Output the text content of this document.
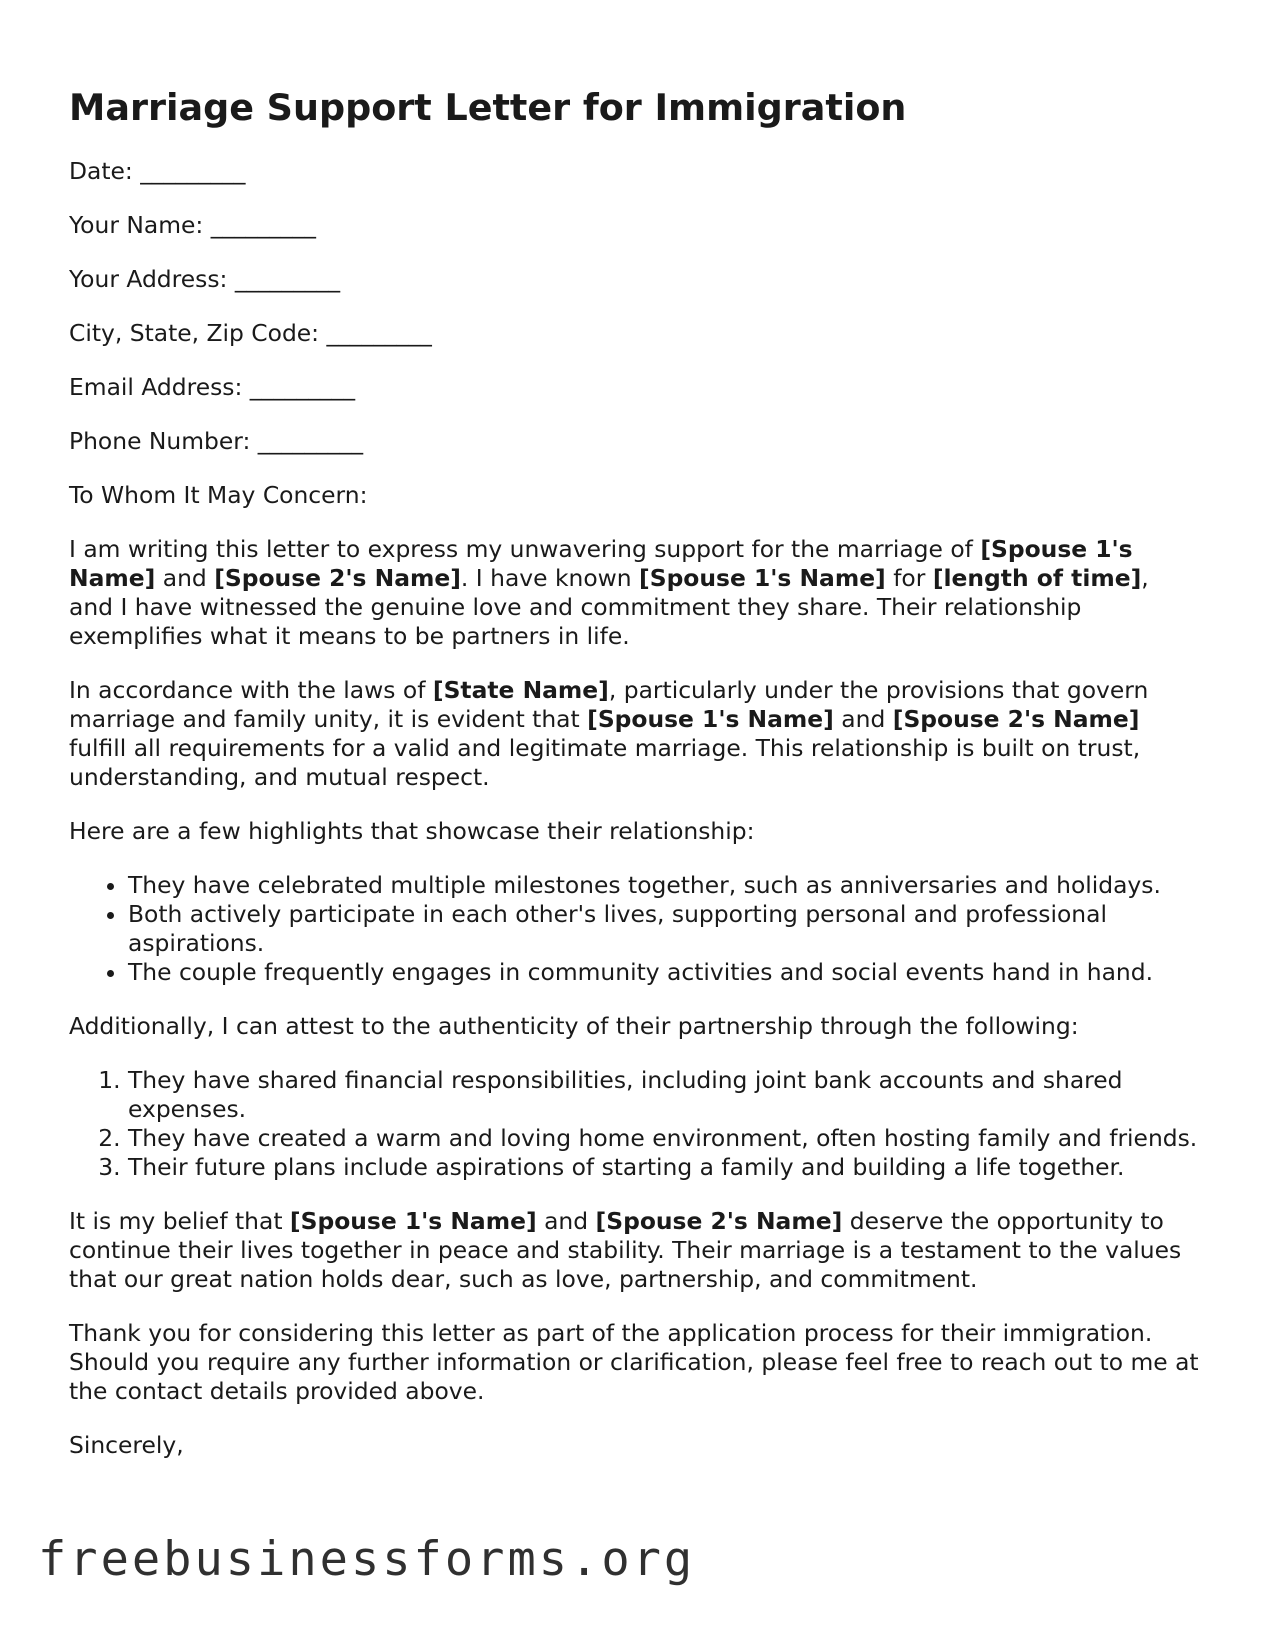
Marriage Support Letter for Immigration
Date: _________
Your Name: _________
Your Address: _________
City, State, Zip Code: _________
Email Address: _________
Phone Number: _________

To Whom It May Concern:

I am writing this letter to express my unwavering support for the marriage of [Spouse 1's Name] and [Spouse 2's Name]. I have known [Spouse 1's Name] for [length of time], and I have witnessed the genuine love and commitment they share. Their relationship exemplifies what it means to be partners in life.

In accordance with the laws of [State Name], particularly under the provisions that govern marriage and family unity, it is evident that [Spouse 1's Name] and [Spouse 2's Name] fulfill all requirements for a valid and legitimate marriage. This relationship is built on trust, understanding, and mutual respect.

Here are a few highlights that showcase their relationship:

• They have celebrated multiple milestones together, such as anniversaries and holidays.
• Both actively participate in each other's lives, supporting personal and professional aspirations.
• The couple frequently engages in community activities and social events hand in hand.

Additionally, I can attest to the authenticity of their partnership through the following:

1. They have shared financial responsibilities, including joint bank accounts and shared expenses.
2. They have created a warm and loving home environment, often hosting family and friends.
3. Their future plans include aspirations of starting a family and building a life together.

It is my belief that [Spouse 1's Name] and [Spouse 2's Name] deserve the opportunity to continue their lives together in peace and stability. Their marriage is a testament to the values that our great nation holds dear, such as love, partnership, and commitment.

Thank you for considering this letter as part of the application process for their immigration. Should you require any further information or clarification, please feel free to reach out to me at the contact details provided above.

Sincerely,
freebusinessforms.org
